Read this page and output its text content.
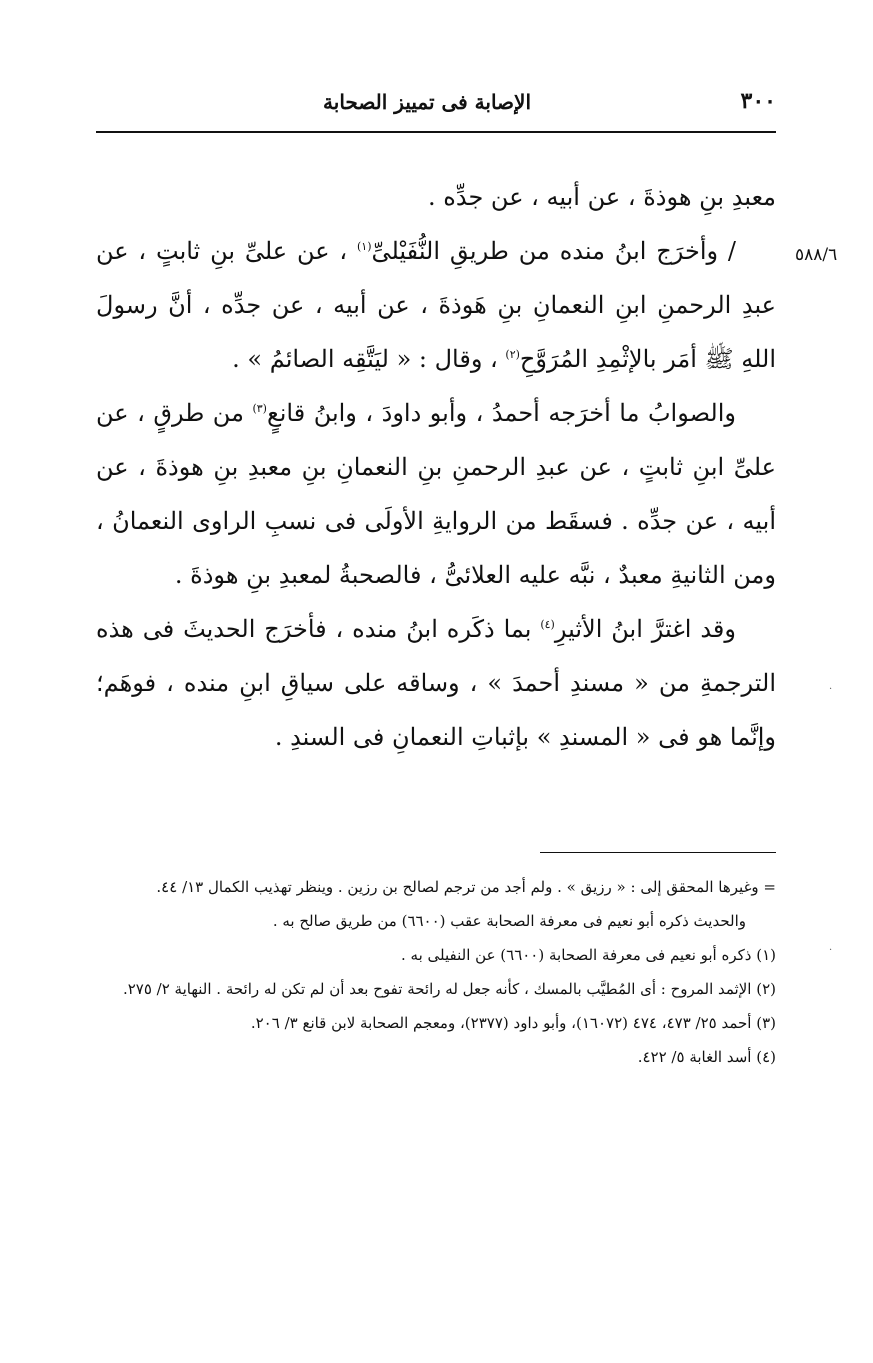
٣٠٠
الإصابة فى تمييز الصحابة
٥٨٨/٦

معبدِ بنِ هوذةَ ، عن أبيه ، عن جدِّه .

/ وأخرَج ابنُ منده من طريقِ النُّفَيْلىِّ$^{(١)}$ ، عن علىِّ بنِ ثابتٍ ، عن عبدِ الرحمنِ ابنِ النعمانِ بنِ هَوذةَ ، عن أبيه ، عن جدِّه ، أنَّ رسولَ اللهِ ﷺ أمَر بالإثْمِدِ المُرَوَّحِ$^{(٢)}$ ، وقال : « ليَتَّقِه الصائمُ » .

والصوابُ ما أخرَجه أحمدُ ، وأبو داودَ ، وابنُ قانعٍ$^{(٣)}$ من طرقٍ ، عن علىِّ ابنِ ثابتٍ ، عن عبدِ الرحمنِ بنِ النعمانِ بنِ معبدِ بنِ هوذةَ ، عن أبيه ، عن جدِّه . فسقَط من الروايةِ الأولَى فى نسبِ الراوى النعمانُ ، ومن الثانيةِ معبدٌ ، نبَّه عليه العلائىُّ ، فالصحبةُ لمعبدِ بنِ هوذةَ .

وقد اغترَّ ابنُ الأثيرِ$^{(٤)}$ بما ذكَره ابنُ منده ، فأخرَج الحديثَ فى هذه الترجمةِ من « مسندِ أحمدَ » ، وساقه على سياقِ ابنِ منده ، فوهَم؛ وإنَّما هو فى « المسندِ » بإثباتِ النعمانِ فى السندِ .

= وغيرها المحقق إلى : « رزيق » . ولم أجد من ترجم لصالح بن رزين . وينظر تهذيب الكمال ١٣/ ٤٤.

والحديث ذكره أبو نعيم فى معرفة الصحابة عقب (٦٦٠٠) من طريق صالح به .

(١) ذكره أبو نعيم فى معرفة الصحابة (٦٦٠٠) عن النفيلى به .

(٢) الإثمد المروح : أى المُطيَّب بالمسك ، كأنه جعل له رائحة تفوح بعد أن لم تكن له رائحة . النهاية ٢/ ٢٧٥.

(٣) أحمد ٢٥/ ٤٧٣، ٤٧٤ (١٦٠٧٢)، وأبو داود (٢٣٧٧)، ومعجم الصحابة لابن قانع ٣/ ٢٠٦.

(٤) أسد الغابة ٥/ ٤٢٢.

·
·
